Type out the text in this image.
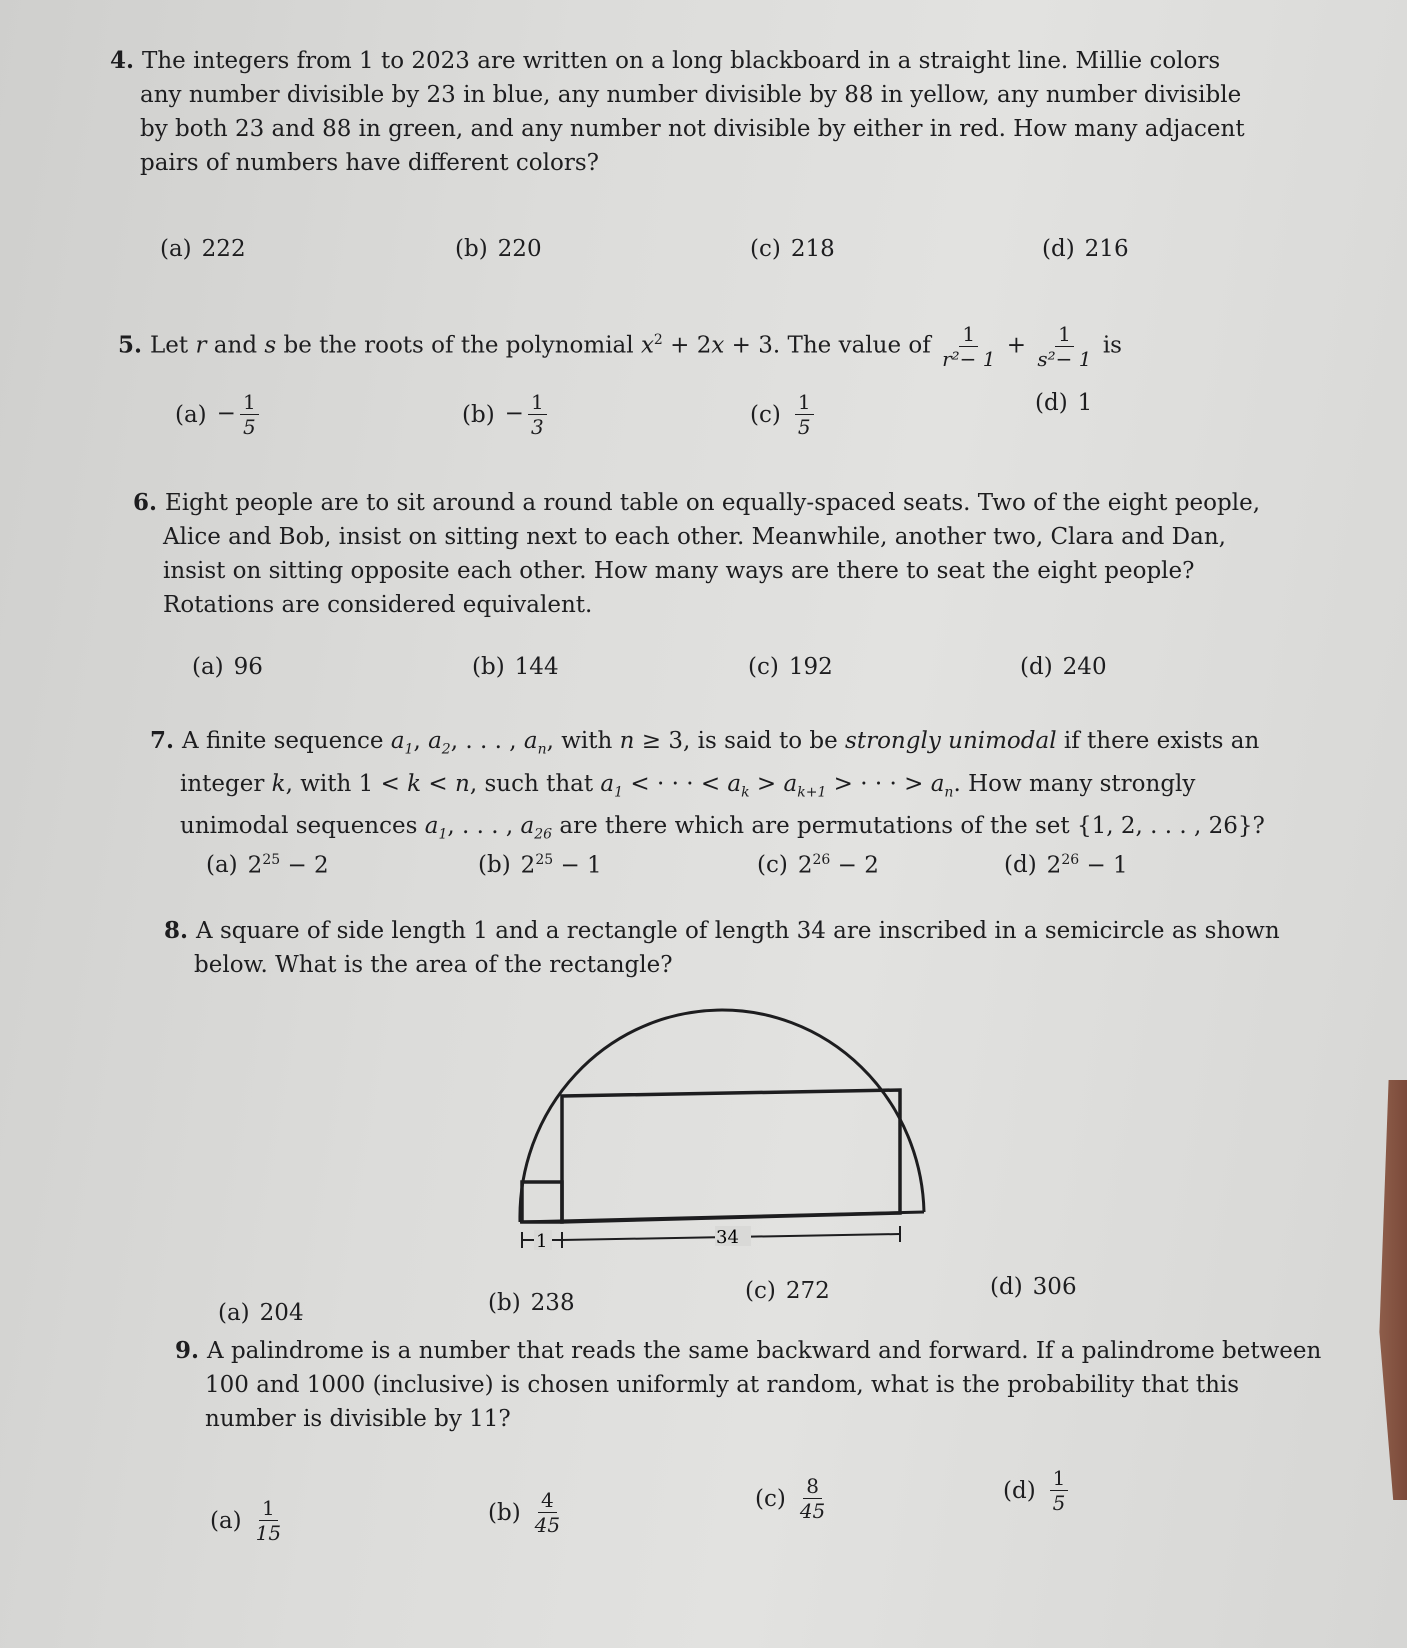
4. The integers from 1 to 2023 are written on a long blackboard in a straight line. Millie colors
any number divisible by 23 in blue, any number divisible by 88 in yellow, any number divisible
by both 23 and 88 in green, and any number not divisible by either in red. How many adjacent
pairs of numbers have different colors?
5. Let r and s be the roots of the polynomial $x^2 + 2x + 3$. The value of $\frac{1}{\text{r²− 1}} + \frac{1}{\text{s²− 1}}$ is
6. Eight people are to sit around a round table on equally-spaced seats. Two of the eight people,
Alice and Bob, insist on sitting next to each other. Meanwhile, another two, Clara and Dan,
insist on sitting opposite each other. How many ways are there to seat the eight people?
Rotations are considered equivalent.
7. A finite sequence $a_1$, $a_2$, . . . , $a_n$, with n ≥ 3, is said to be strongly unimodal if there exists an
integer k, with 1 < k < n, such that $a_1$ < · · · < $a_k > a_{k+1}$ > · · · > $a_n$. How many strongly
unimodal sequences $a_1$, . . . , $a_{26}$ are there which are permutations of the set {1, 2, . . . , 26}?
8. A square of side length 1 and a rectangle of length 34 are inscribed in a semicircle as shown
below. What is the area of the rectangle?
9. A palindrome is a number that reads the same backward and forward. If a palindrome between
100 and 1000 (inclusive) is chosen uniformly at random, what is the probability that this
number is divisible by 11?
1	34
(a) 222	(b) 220	(c) 218	(d) 216
$(a) - \frac{1}{5}$	$(b) - \frac{1}{3}$	$(c) \frac{1}{5}$	(d) 1
(a) 96	(b) 144	(c) 192	(d) 240
(a) $2^{25} - 2$	(b) $2^{25} - 1$	(c) $2^{26} - 2$	(d) $2^{26} - 1$
(a) 204	(b) 238	(c) 272	(d) 306
$(a) \frac{1}{15}$	$(b) \frac{4}{45}$	$(c) \frac{8}{45}$	$(d) \frac{1}{5}$
